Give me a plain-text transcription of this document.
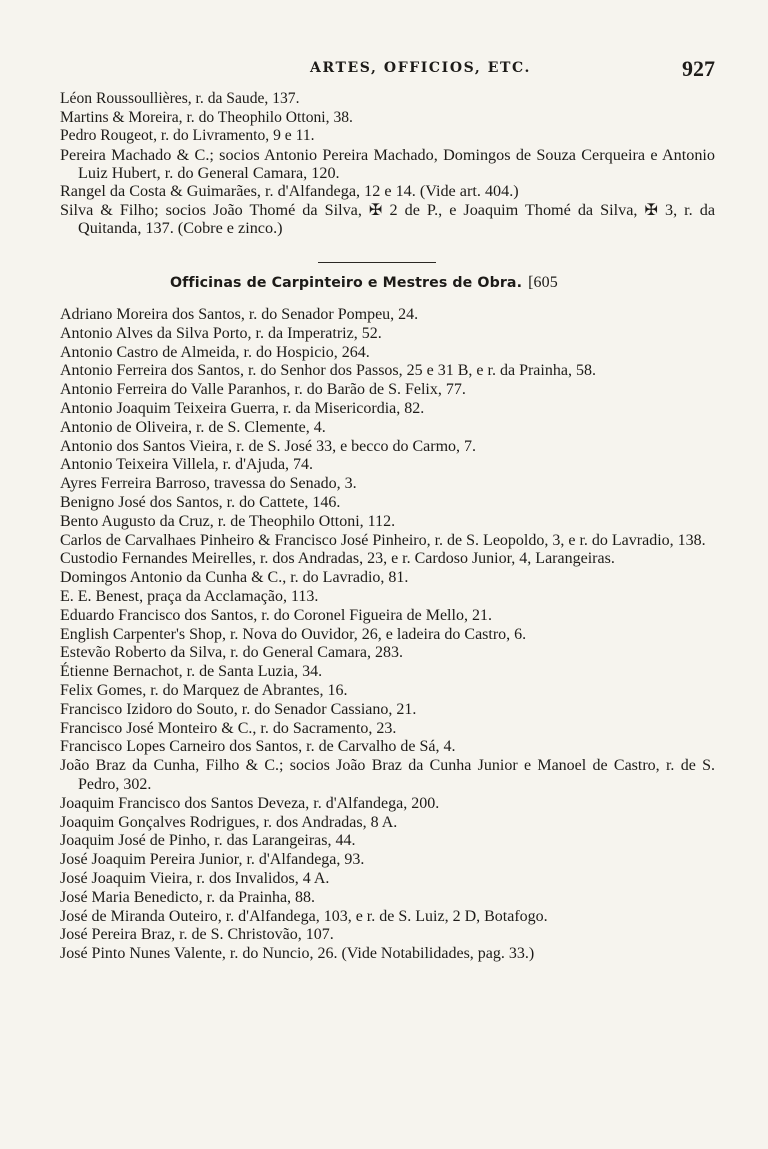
ARTES, OFFICIOS, ETC.	927
Léon Roussoullières, r. da Saude, 137.
Martins & Moreira, r. do Theophilo Ottoni, 38.
Pedro Rougeot, r. do Livramento, 9 e 11.
Pereira Machado & C.; socios Antonio Pereira Machado, Domingos de Souza Cerqueira e Antonio Luiz Hubert, r. do General Camara, 120.
Rangel da Costa & Guimarães, r. d'Alfandega, 12 e 14. (Vide art. 404.)
Silva & Filho; socios João Thomé da Silva, ✠ 2 de P., e Joaquim Thomé da Silva, ✠ 3, r. da Quitanda, 137. (Cobre e zinco.)
Officinas de Carpinteiro e Mestres de Obra. [605
Adriano Moreira dos Santos, r. do Senador Pompeu, 24.
Antonio Alves da Silva Porto, r. da Imperatriz, 52.
Antonio Castro de Almeida, r. do Hospicio, 264.
Antonio Ferreira dos Santos, r. do Senhor dos Passos, 25 e 31 B, e r. da Prainha, 58.
Antonio Ferreira do Valle Paranhos, r. do Barão de S. Felix, 77.
Antonio Joaquim Teixeira Guerra, r. da Misericordia, 82.
Antonio de Oliveira, r. de S. Clemente, 4.
Antonio dos Santos Vieira, r. de S. José 33, e becco do Carmo, 7.
Antonio Teixeira Villela, r. d'Ajuda, 74.
Ayres Ferreira Barroso, travessa do Senado, 3.
Benigno José dos Santos, r. do Cattete, 146.
Bento Augusto da Cruz, r. de Theophilo Ottoni, 112.
Carlos de Carvalhaes Pinheiro & Francisco José Pinheiro, r. de S. Leopoldo, 3, e r. do Lavradio, 138.
Custodio Fernandes Meirelles, r. dos Andradas, 23, e r. Cardoso Junior, 4, Larangeiras.
Domingos Antonio da Cunha & C., r. do Lavradio, 81.
E. E. Benest, praça da Acclamação, 113.
Eduardo Francisco dos Santos, r. do Coronel Figueira de Mello, 21.
English Carpenter's Shop, r. Nova do Ouvidor, 26, e ladeira do Castro, 6.
Estevão Roberto da Silva, r. do General Camara, 283.
Étienne Bernachot, r. de Santa Luzia, 34.
Felix Gomes, r. do Marquez de Abrantes, 16.
Francisco Izidoro do Souto, r. do Senador Cassiano, 21.
Francisco José Monteiro & C., r. do Sacramento, 23.
Francisco Lopes Carneiro dos Santos, r. de Carvalho de Sá, 4.
João Braz da Cunha, Filho & C.; socios João Braz da Cunha Junior e Manoel de Castro, r. de S. Pedro, 302.
Joaquim Francisco dos Santos Deveza, r. d'Alfandega, 200.
Joaquim Gonçalves Rodrigues, r. dos Andradas, 8 A.
Joaquim José de Pinho, r. das Larangeiras, 44.
José Joaquim Pereira Junior, r. d'Alfandega, 93.
José Joaquim Vieira, r. dos Invalidos, 4 A.
José Maria Benedicto, r. da Prainha, 88.
José de Miranda Outeiro, r. d'Alfandega, 103, e r. de S. Luiz, 2 D, Botafogo.
José Pereira Braz, r. de S. Christovão, 107.
José Pinto Nunes Valente, r. do Nuncio, 26. (Vide Notabilidades, pag. 33.)
